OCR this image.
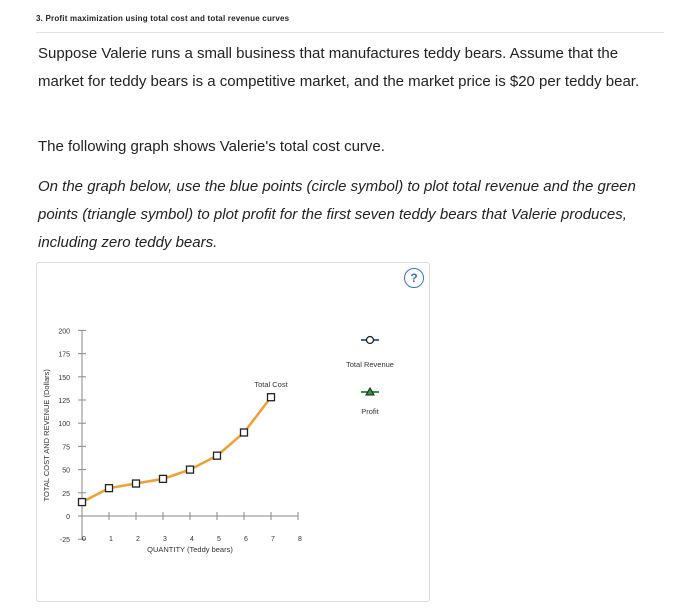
3. Profit maximization using total cost and total revenue curves
Suppose Valerie runs a small business that manufactures teddy bears. Assume that the market for teddy bears is a competitive market, and the market price is $20 per teddy bear.
The following graph shows Valerie's total cost curve.
On the graph below, use the blue points (circle symbol) to plot total revenue and the green points (triangle symbol) to plot profit for the first seven teddy bears that Valerie produces, including zero teddy bears.
?
-25
0
25
50
75
100
125
150
175
200
0	1	2	3	4	5	6	7	8
QUANTITY (Teddy bears)
TOTAL COST AND REVENUE (Dollars)	Total Cost
Total Revenue
Profit
